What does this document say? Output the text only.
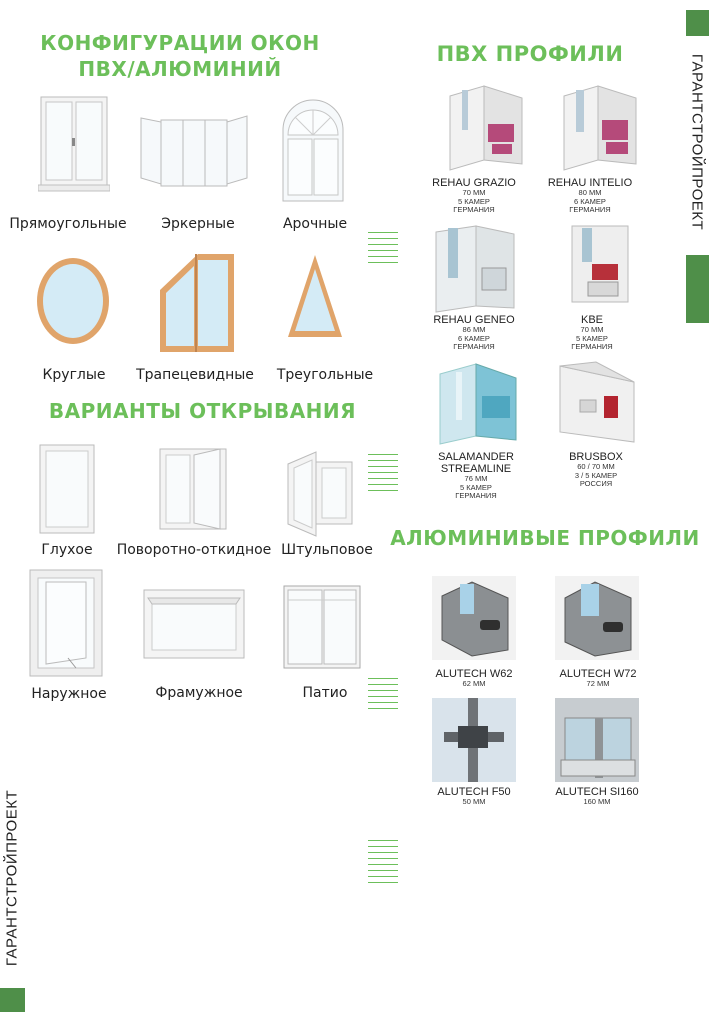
ГАРАНТСТРОЙПРОЕКТ
ГАРАНТСТРОЙПРОЕКТ
КОНФИГУРАЦИИ ОКОН
ПВХ/АЛЮМИНИЙ
Прямоугольные	Эркерные	Арочные
Круглые	Трапецевидные	Треугольные
ВАРИАНТЫ ОТКРЫВАНИЯ
Глухое	Поворотно-откидное Штульповое
Наружное	Фрамужное	Патио
ПВХ ПРОФИЛИ
REHAU GRAZIO
70 ММ
5 КАМЕР
ГЕРМАНИЯ
REHAU INTELIO
80 ММ
6 КАМЕР
ГЕРМАНИЯ
REHAU GENEO
86 ММ
6 КАМЕР
ГЕРМАНИЯ
KBE
70 ММ
5 КАМЕР
ГЕРМАНИЯ
SALAMANDER
STREAMLINE
76 ММ
5 КАМЕР
ГЕРМАНИЯ
BRUSBOX
60 / 70 ММ
3 / 5 КАМЕР
РОССИЯ
АЛЮМИНИВЫЕ ПРОФИЛИ
ALUTECH W62
62 ММ
ALUTECH W72
72 ММ
ALUTECH F50
50 ММ
ALUTECH SI160
160 ММ
